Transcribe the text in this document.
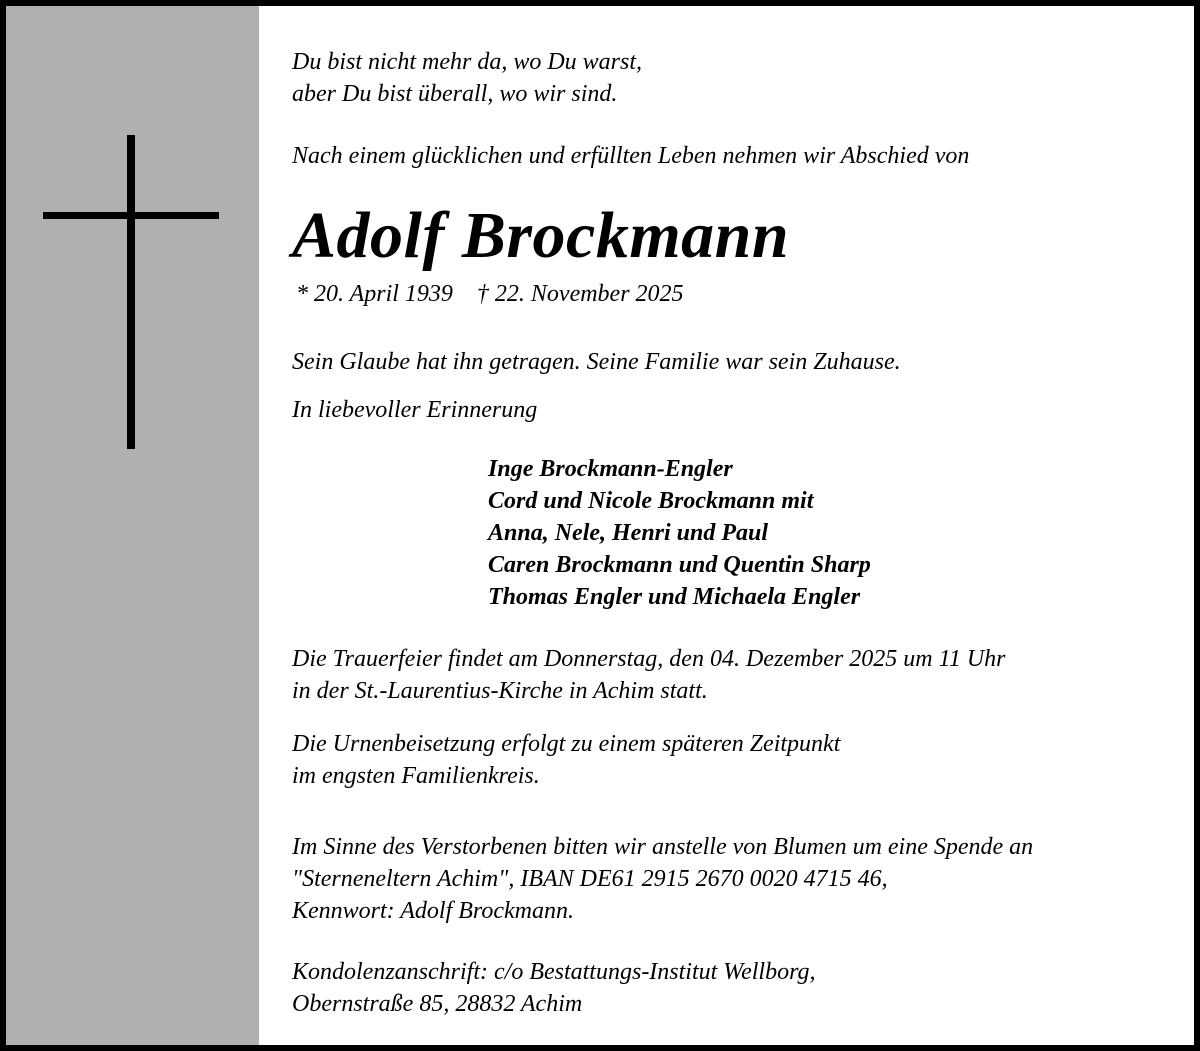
Du bist nicht mehr da, wo Du warst,
aber Du bist überall, wo wir sind.
Nach einem glücklichen und erfüllten Leben nehmen wir Abschied von
Adolf Brockmann
* 20. April 1939 † 22. November 2025
Sein Glaube hat ihn getragen. Seine Familie war sein Zuhause.
In liebevoller Erinnerung
Inge Brockmann-Engler
Cord und Nicole Brockmann mit
Anna, Nele, Henri und Paul
Caren Brockmann und Quentin Sharp
Thomas Engler und Michaela Engler
Die Trauerfeier findet am Donnerstag, den 04. Dezember 2025 um 11 Uhr
in der St.-Laurentius-Kirche in Achim statt.
Die Urnenbeisetzung erfolgt zu einem späteren Zeitpunkt
im engsten Familienkreis.
Im Sinne des Verstorbenen bitten wir anstelle von Blumen um eine Spende an
"Sterneneltern Achim", IBAN DE61 2915 2670 0020 4715 46,
Kennwort: Adolf Brockmann.
Kondolenzanschrift: c/o Bestattungs-Institut Wellborg,
Obernstraße 85, 28832 Achim
